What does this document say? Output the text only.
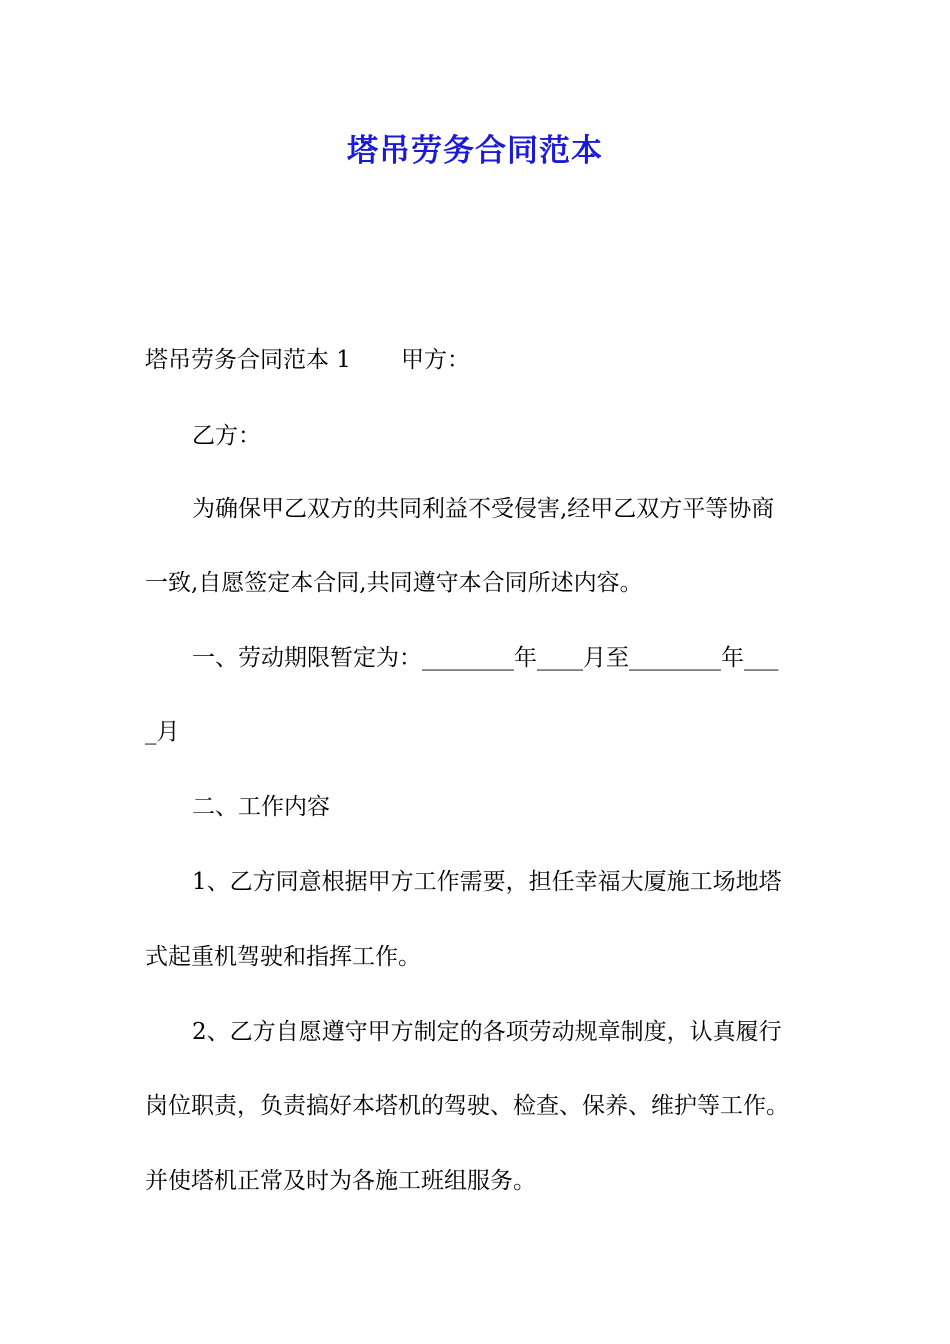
塔吊劳务合同范本
塔吊劳务合同范本 1 甲方：
乙方：
为确保甲乙双方的共同利益不受侵害,经甲乙双方平等协商
一致,自愿签定本合同,共同遵守本合同所述内容。
一、劳动期限暂定为：________年____月至________年___
_月
二、工作内容
1、乙方同意根据甲方工作需要，担任幸福大厦施工场地塔
式起重机驾驶和指挥工作。
2、乙方自愿遵守甲方制定的各项劳动规章制度，认真履行
岗位职责，负责搞好本塔机的驾驶、检查、保养、维护等工作。
并使塔机正常及时为各施工班组服务。
